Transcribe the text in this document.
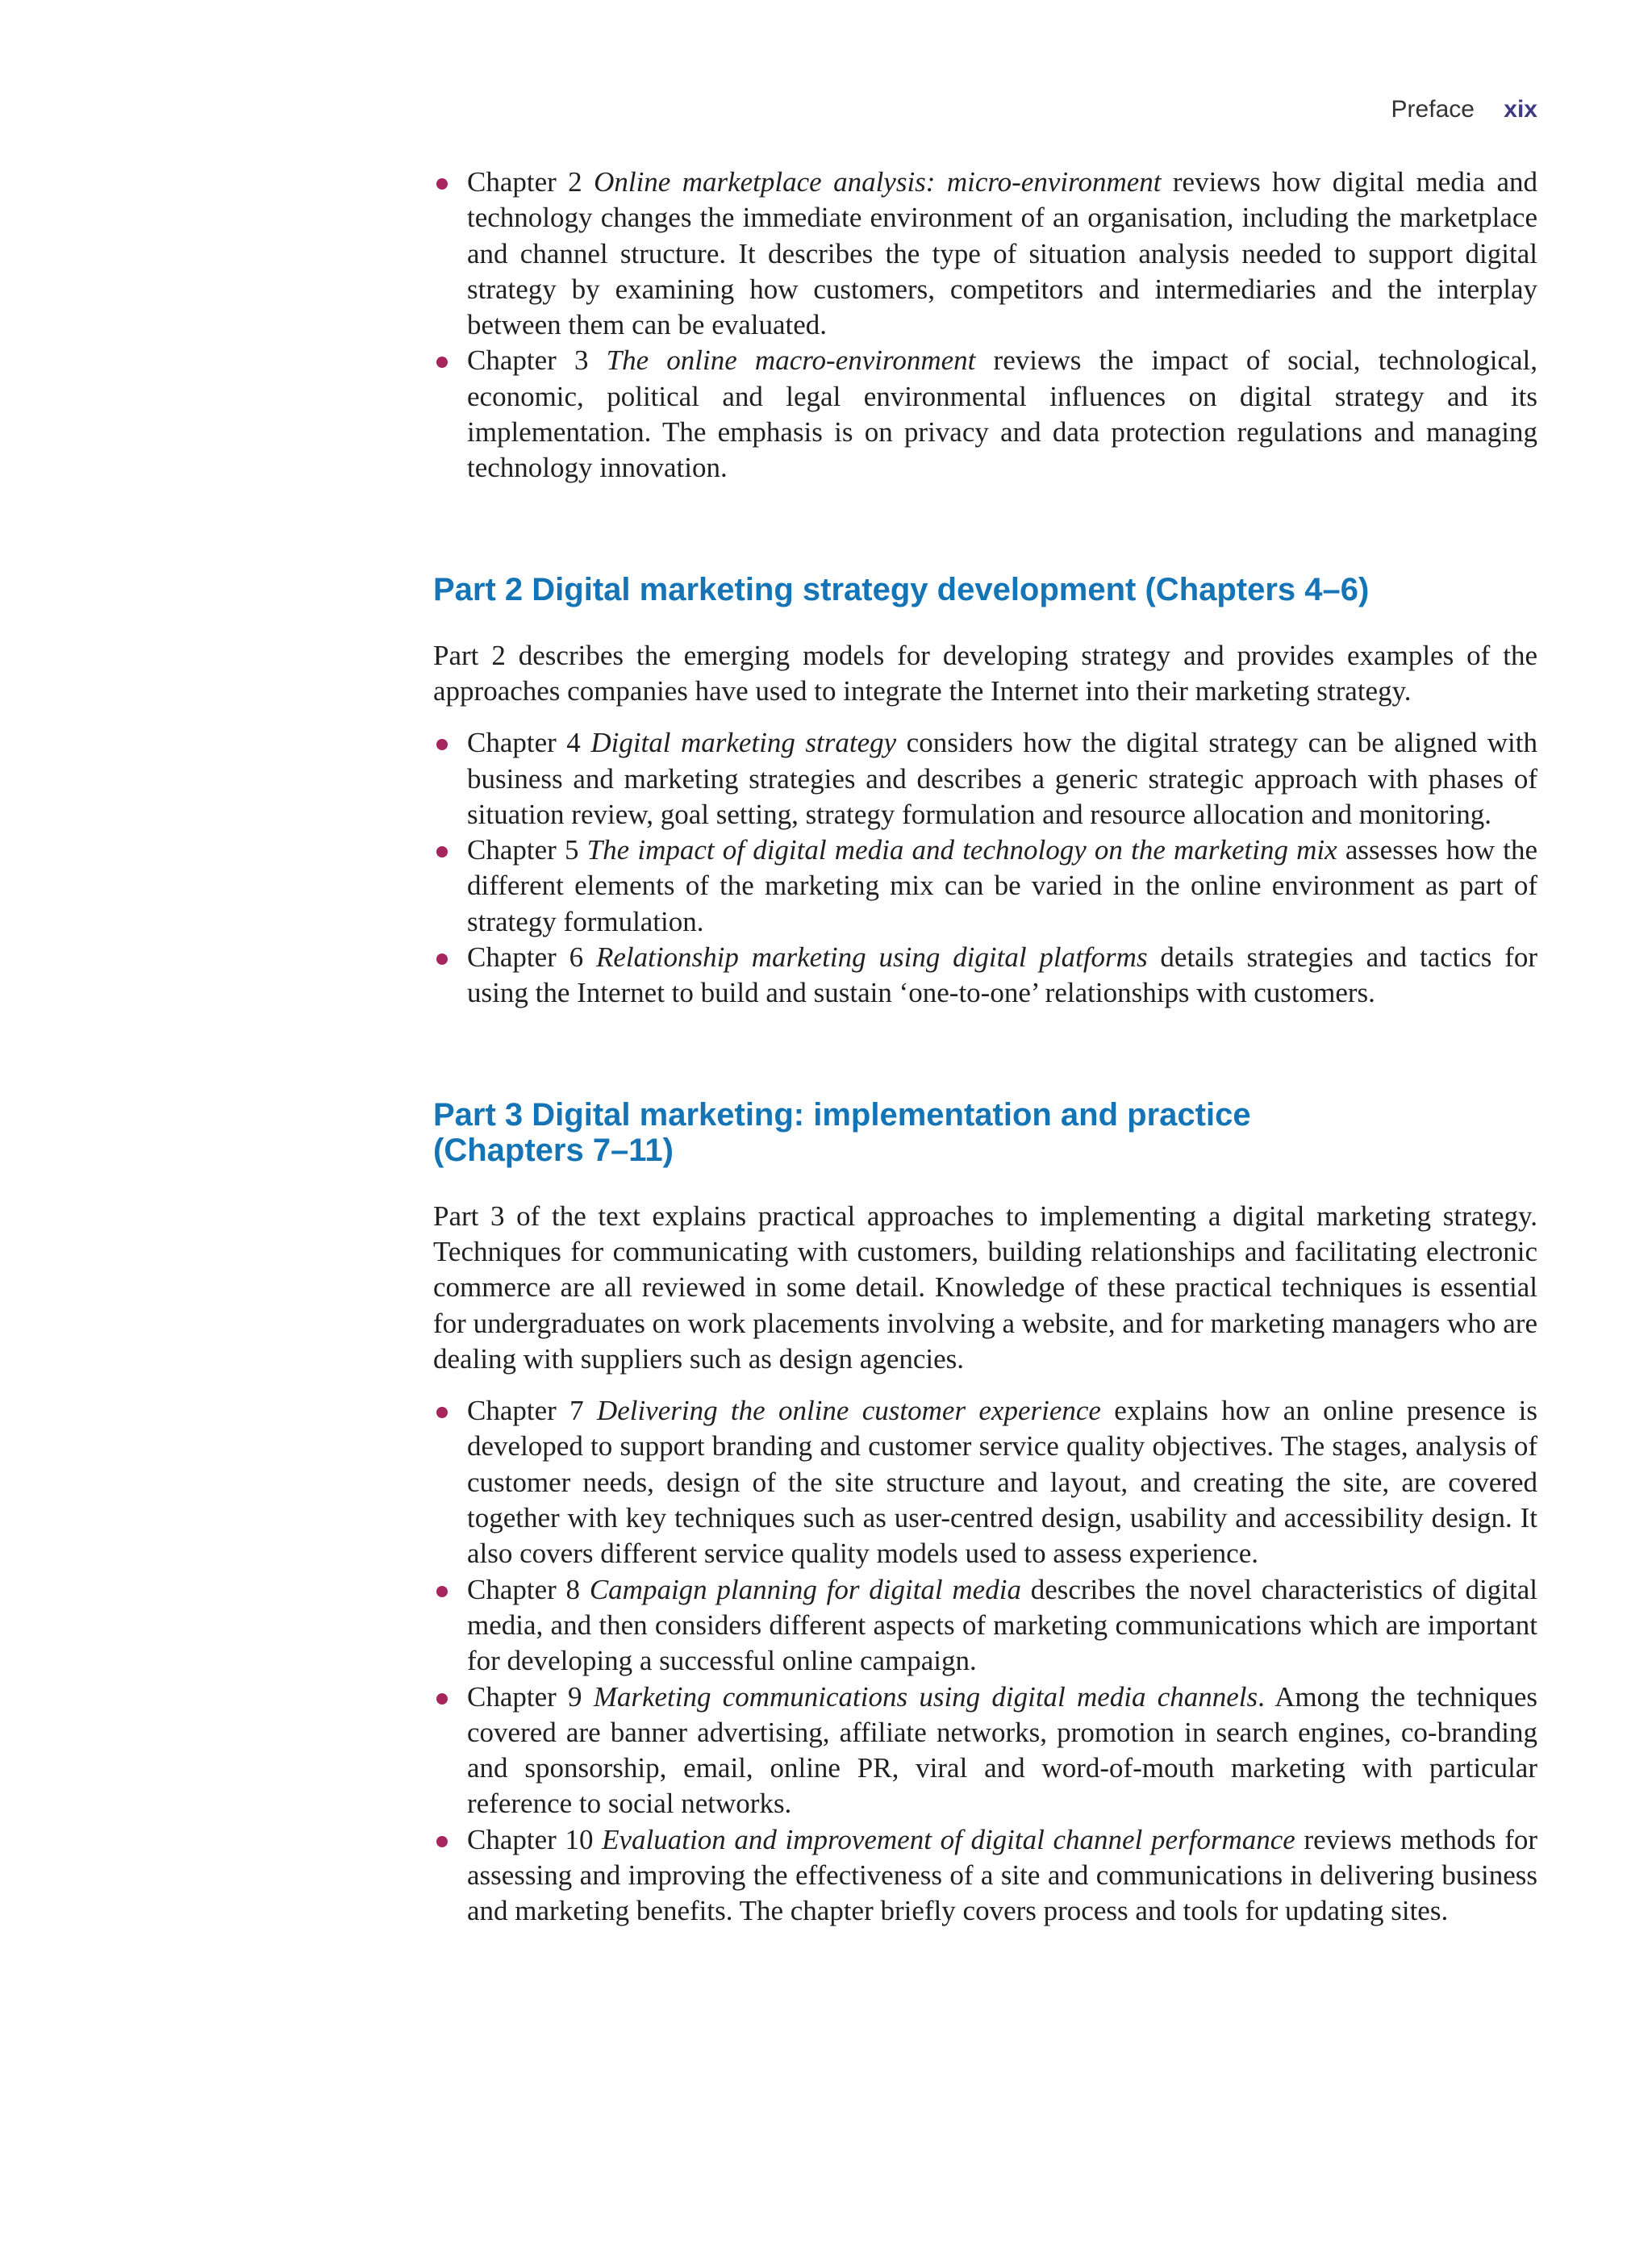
Preface xix
Chapter 2 Online marketplace analysis: micro-environment reviews how digital media and technology changes the immediate environment of an organisation, including the marketplace and channel structure. It describes the type of situation analysis needed to support digital strategy by examining how customers, competitors and intermediaries and the interplay between them can be evaluated.
Chapter 3 The online macro-environment reviews the impact of social, technological, economic, political and legal environmental influences on digital strategy and its implementation. The emphasis is on privacy and data protection regulations and managing technology innovation.
Part 2 Digital marketing strategy development (Chapters 4–6)

Part 2 describes the emerging models for developing strategy and provides examples of the approaches companies have used to integrate the Internet into their marketing strategy.

Chapter 4 Digital marketing strategy considers how the digital strategy can be aligned with business and marketing strategies and describes a generic strategic approach with phases of situation review, goal setting, strategy formulation and resource allocation and monitoring.
Chapter 5 The impact of digital media and technology on the marketing mix assesses how the different elements of the marketing mix can be varied in the online environment as part of strategy formulation.
Chapter 6 Relationship marketing using digital platforms details strategies and tactics for using the Internet to build and sustain ‘one-to-one’ relationships with customers.
Part 3 Digital marketing: implementation and practice
(Chapters 7–11)

Part 3 of the text explains practical approaches to implementing a digital marketing strategy. Techniques for communicating with customers, building relationships and facilitating electronic commerce are all reviewed in some detail. Knowledge of these practical techniques is essential for undergraduates on work placements involving a website, and for marketing managers who are dealing with suppliers such as design agencies.

Chapter 7 Delivering the online customer experience explains how an online presence is developed to support branding and customer service quality objectives. The stages, analysis of customer needs, design of the site structure and layout, and creating the site, are covered together with key techniques such as user-centred design, usability and accessibility design. It also covers different service quality models used to assess experience.
Chapter 8 Campaign planning for digital media describes the novel characteristics of digital media, and then considers different aspects of marketing communications which are important for developing a successful online campaign.
Chapter 9 Marketing communications using digital media channels. Among the techniques covered are banner advertising, affiliate networks, promotion in search engines, co-branding and sponsorship, email, online PR, viral and word-of-mouth marketing with particular reference to social networks.
Chapter 10 Evaluation and improvement of digital channel performance reviews methods for assessing and improving the effectiveness of a site and communications in delivering business and marketing benefits. The chapter briefly covers process and tools for updating sites.
